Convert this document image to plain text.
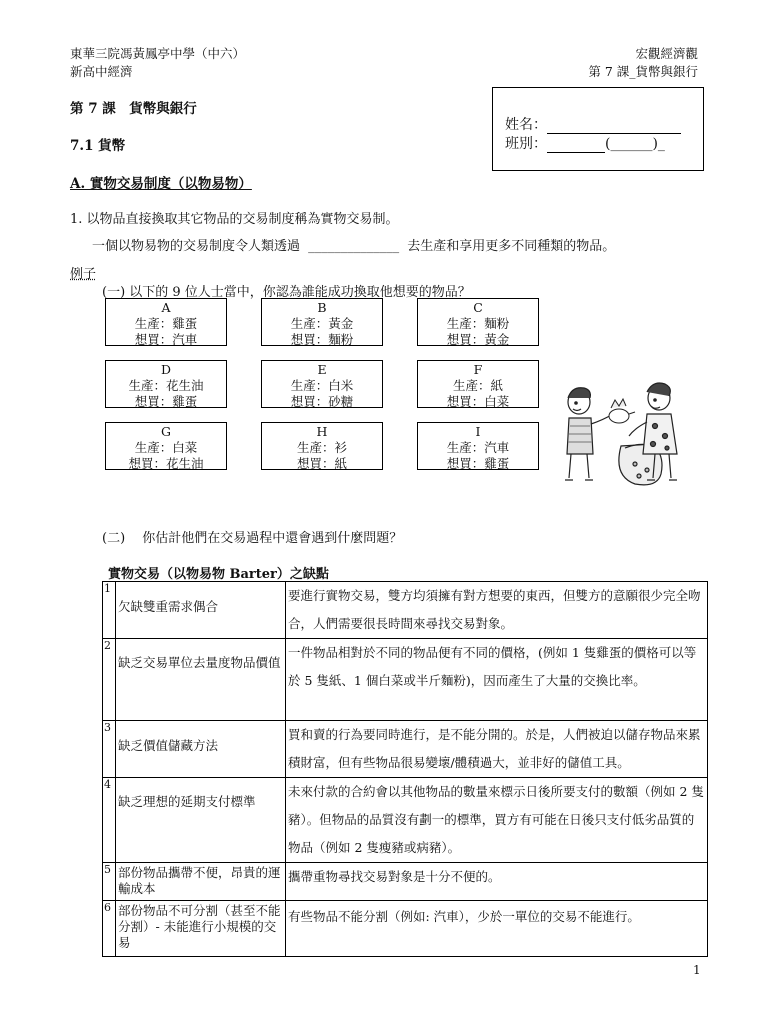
東華三院馮黃鳳亭中學（中六）
新高中經濟
宏觀經濟觀
第 7 課_貨幣與銀行
第 7 課　貨幣與銀行
7.1 貨幣
姓名：
班別：	(______)_
A. 實物交易制度（以物易物）
1. 以物品直接換取其它物品的交易制度稱為實物交易制。
一個以物易物的交易制度令人類透過 ______________ 去生產和享用更多不同種類的物品。
例子
(一) 以下的 9 位人士當中，你認為誰能成功換取他想要的物品？
A
生產：雞蛋
想買：汽車
B
生產：黃金
想買：麵粉
C
生產：麵粉
想買：黃金
D
生產：花生油
想買：雞蛋
E
生產：白米
想買：砂糖
F
生產：紙
想買：白菜
G
生產：白菜
想買：花生油
H
生產：衫
想買：紙
I
生產：汽車
想買：雞蛋
(二)　 你估計他們在交易過程中還會遇到什麼問題？
實物交易（以物易物 Barter）之缺點
1	欠缺雙重需求偶合	要進行實物交易，雙方均須擁有對方想要的東西，但雙方的意願很少完全吻合，人們需要很長時間來尋找交易對象。
2	缺乏交易單位去量度物品價值	一件物品相對於不同的物品便有不同的價格，(例如 1 隻雞蛋的價格可以等於 5 隻紙、1 個白菜或半斤麵粉)，因而產生了大量的交換比率。
3	缺乏價值儲藏方法	買和賣的行為要同時進行，是不能分開的。於是，人們被迫以儲存物品來累積財富，但有些物品很易變壞/體積過大，並非好的儲值工具。
4	缺乏理想的延期支付標準	未來付款的合約會以其他物品的數量來標示日後所要支付的數額（例如 2 隻豬）。但物品的品質沒有劃一的標準，買方有可能在日後只支付低劣品質的物品（例如 2 隻瘦豬或病豬）。
5	部份物品攜帶不便，昂貴的運輸成本	攜帶重物尋找交易對象是十分不便的。
6	部份物品不可分割（甚至不能分割）- 未能進行小規模的交易	有些物品不能分割（例如: 汽車），少於一單位的交易不能進行。
1
